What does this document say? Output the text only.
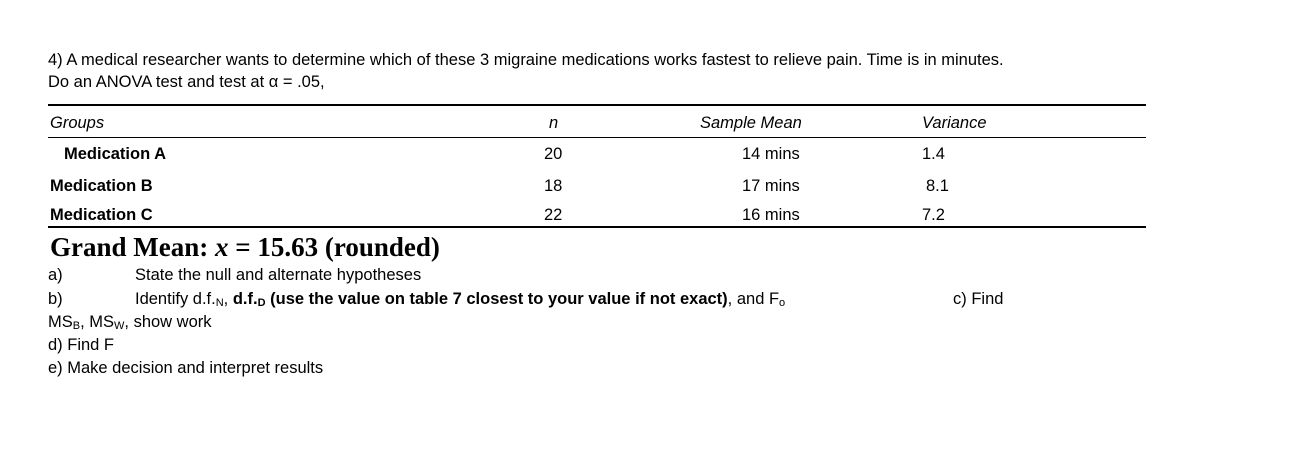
4) A medical researcher wants to determine which of these 3 migraine medications works fastest to relieve pain. Time is in minutes.
Do an ANOVA test and test at α = .05,
Groups	n	Sample Mean	Variance
Medication A	20	14 mins	1.4
Medication B	18	17 mins	8.1
Medication C	22	16 mins	7.2
Grand Mean: x = 15.63 (rounded)
a)	State the null and alternate hypotheses
b)	Identify $d.f._N$, $d.f._D$ (use the value on table 7 closest to your value if not exact), and $F_o$	c) Find
$MS_B$, $MS_W$, show work
d) Find F
e) Make decision and interpret results
